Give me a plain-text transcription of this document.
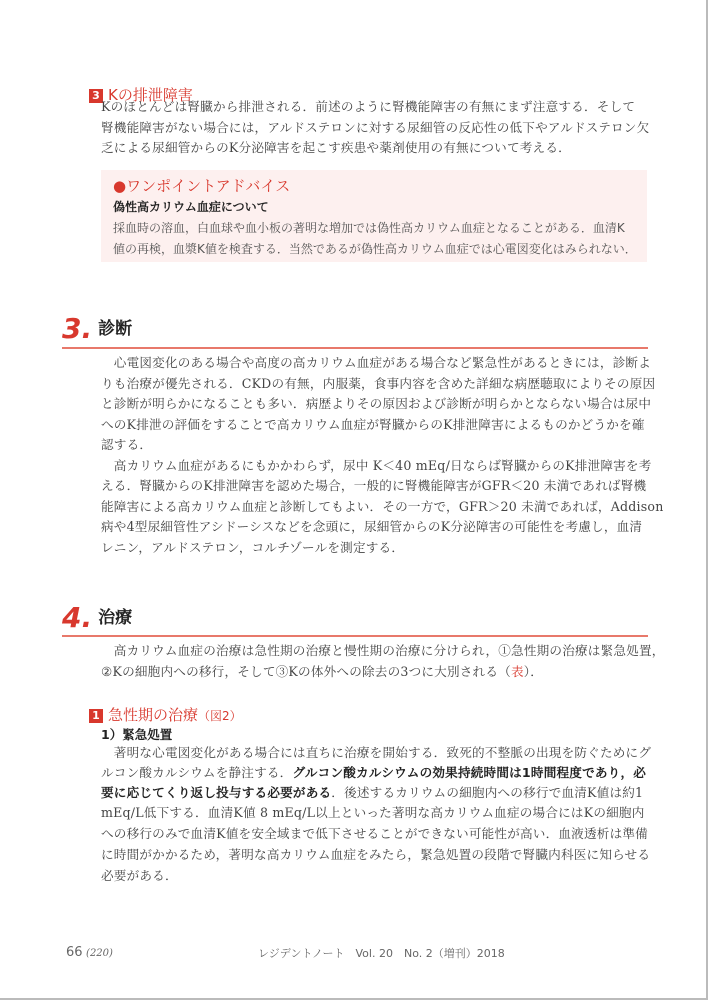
3 Kの排泄障害
Kのほとんどは腎臓から排泄される．前述のように腎機能障害の有無にまず注意する．そして
腎機能障害がない場合には，アルドステロンに対する尿細管の反応性の低下やアルドステロン欠
乏による尿細管からのK分泌障害を起こす疾患や薬剤使用の有無について考える．
●ワンポイントアドバイス
偽性高カリウム血症について
採血時の溶血，白血球や血小板の著明な増加では偽性高カリウム血症となることがある．血清K
値の再検，血漿K値を検査する．当然であるが偽性高カリウム血症では心電図変化はみられない．
3. 診断
　心電図変化のある場合や高度の高カリウム血症がある場合など緊急性があるときには，診断よ
りも治療が優先される．CKDの有無，内服薬，食事内容を含めた詳細な病歴聴取によりその原因
と診断が明らかになることも多い．病歴よりその原因および診断が明らかとならない場合は尿中
へのK排泄の評価をすることで高カリウム血症が腎臓からのK排泄障害によるものかどうかを確
認する．
　高カリウム血症があるにもかかわらず，尿中 K＜40 mEq/日ならば腎臓からのK排泄障害を考
える．腎臓からのK排泄障害を認めた場合，一般的に腎機能障害がGFR＜20 未満であれば腎機
能障害による高カリウム血症と診断してもよい．その一方で，GFR＞20 未満であれば，Addison
病や4型尿細管性アシドーシスなどを念頭に，尿細管からのK分泌障害の可能性を考慮し，血清
レニン，アルドステロン，コルチゾールを測定する．
4. 治療
　高カリウム血症の治療は急性期の治療と慢性期の治療に分けられ，①急性期の治療は緊急処置，
②Kの細胞内への移行，そして③Kの体外への除去の3つに大別される（表）．
1 急性期の治療（図2）
1）緊急処置
　著明な心電図変化がある場合には直ちに治療を開始する．致死的不整脈の出現を防ぐためにグ
ルコン酸カルシウムを静注する．グルコン酸カルシウムの効果持続時間は1時間程度であり，必
要に応じてくり返し投与する必要がある．後述するカリウムの細胞内への移行で血清K値は約1
mEq/L低下する．血清K値 8 mEq/L以上といった著明な高カリウム血症の場合にはKの細胞内
への移行のみで血清K値を安全域まで低下させることができない可能性が高い．血液透析は準備
に時間がかかるため，著明な高カリウム血症をみたら，緊急処置の段階で腎臓内科医に知らせる
必要がある．
66 (220)	レジデントノート　Vol. 20　No. 2（増刊）2018
